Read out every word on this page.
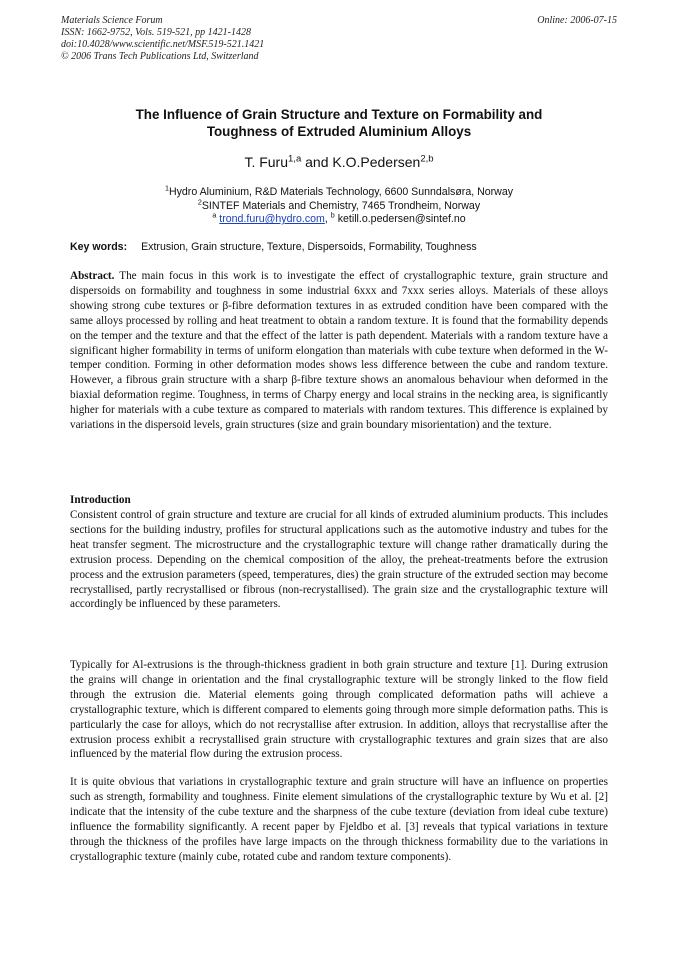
Materials Science Forum
ISSN: 1662-9752, Vols. 519-521, pp 1421-1428
doi:10.4028/www.scientific.net/MSF.519-521.1421
© 2006 Trans Tech Publications Ltd, Switzerland
Online: 2006-07-15
The Influence of Grain Structure and Texture on Formability and
Toughness of Extruded Aluminium Alloys
T. Furu$^{1,a}$ and K.O.Pedersen$^{2,b}$
$^1$Hydro Aluminium, R&D Materials Technology, 6600 Sunndalsøra, Norway
$^2$SINTEF Materials and Chemistry, 7465 Trondheim, Norway
$^a$ trond.furu@hydro.com, $^b$ ketill.o.pedersen@sintef.no
Key words: Extrusion, Grain structure, Texture, Dispersoids, Formability, Toughness
Abstract. The main focus in this work is to investigate the effect of crystallographic texture, grain structure and dispersoids on formability and toughness in some industrial 6xxx and 7xxx series alloys. Materials of these alloys showing strong cube textures or β-fibre deformation textures in as extruded condition have been compared with the same alloys processed by rolling and heat treatment to obtain a random texture. It is found that the formability depends on the temper and the texture and that the effect of the latter is path dependent. Materials with a random texture have a significant higher formability in terms of uniform elongation than materials with cube texture when deformed in the W-temper condition. Forming in other deformation modes shows less difference between the cube and random texture. However, a fibrous grain structure with a sharp β-fibre texture shows an anomalous behaviour when deformed in the biaxial deformation regime. Toughness, in terms of Charpy energy and local strains in the necking area, is significantly higher for materials with a cube texture as compared to materials with random textures. This difference is explained by variations in the dispersoid levels, grain structures (size and grain boundary misorientation) and the texture.
Introduction
Consistent control of grain structure and texture are crucial for all kinds of extruded aluminium products. This includes sections for the building industry, profiles for structural applications such as the automotive industry and tubes for the heat transfer segment. The microstructure and the crystallographic texture will change rather dramatically during the extrusion process. Depending on the chemical composition of the alloy, the preheat-treatments before the extrusion process and the extrusion parameters (speed, temperatures, dies) the grain structure of the extruded section may become recrystallised, partly recrystallised or fibrous (non-recrystallised). The grain size and the crystallographic texture will accordingly be influenced by these parameters.
Typically for Al-extrusions is the through-thickness gradient in both grain structure and texture [1]. During extrusion the grains will change in orientation and the final crystallographic texture will be strongly linked to the flow field through the extrusion die. Material elements going through complicated deformation paths will achieve a crystallographic texture, which is different compared to elements going through more simple deformation paths. This is particularly the case for alloys, which do not recrystallise after extrusion. In addition, alloys that recrystallise after the extrusion process exhibit a recrystallised grain structure with crystallographic textures and grain sizes that are also influenced by the material flow during the extrusion process.
It is quite obvious that variations in crystallographic texture and grain structure will have an influence on properties such as strength, formability and toughness. Finite element simulations of the crystallographic texture by Wu et al. [2] indicate that the intensity of the cube texture and the sharpness of the cube texture (deviation from ideal cube texture) influence the formability significantly. A recent paper by Fjeldbo et al. [3] reveals that typical variations in texture through the thickness of the profiles have large impacts on the through thickness formability due to the variations in crystallographic texture (mainly cube, rotated cube and random texture components).
